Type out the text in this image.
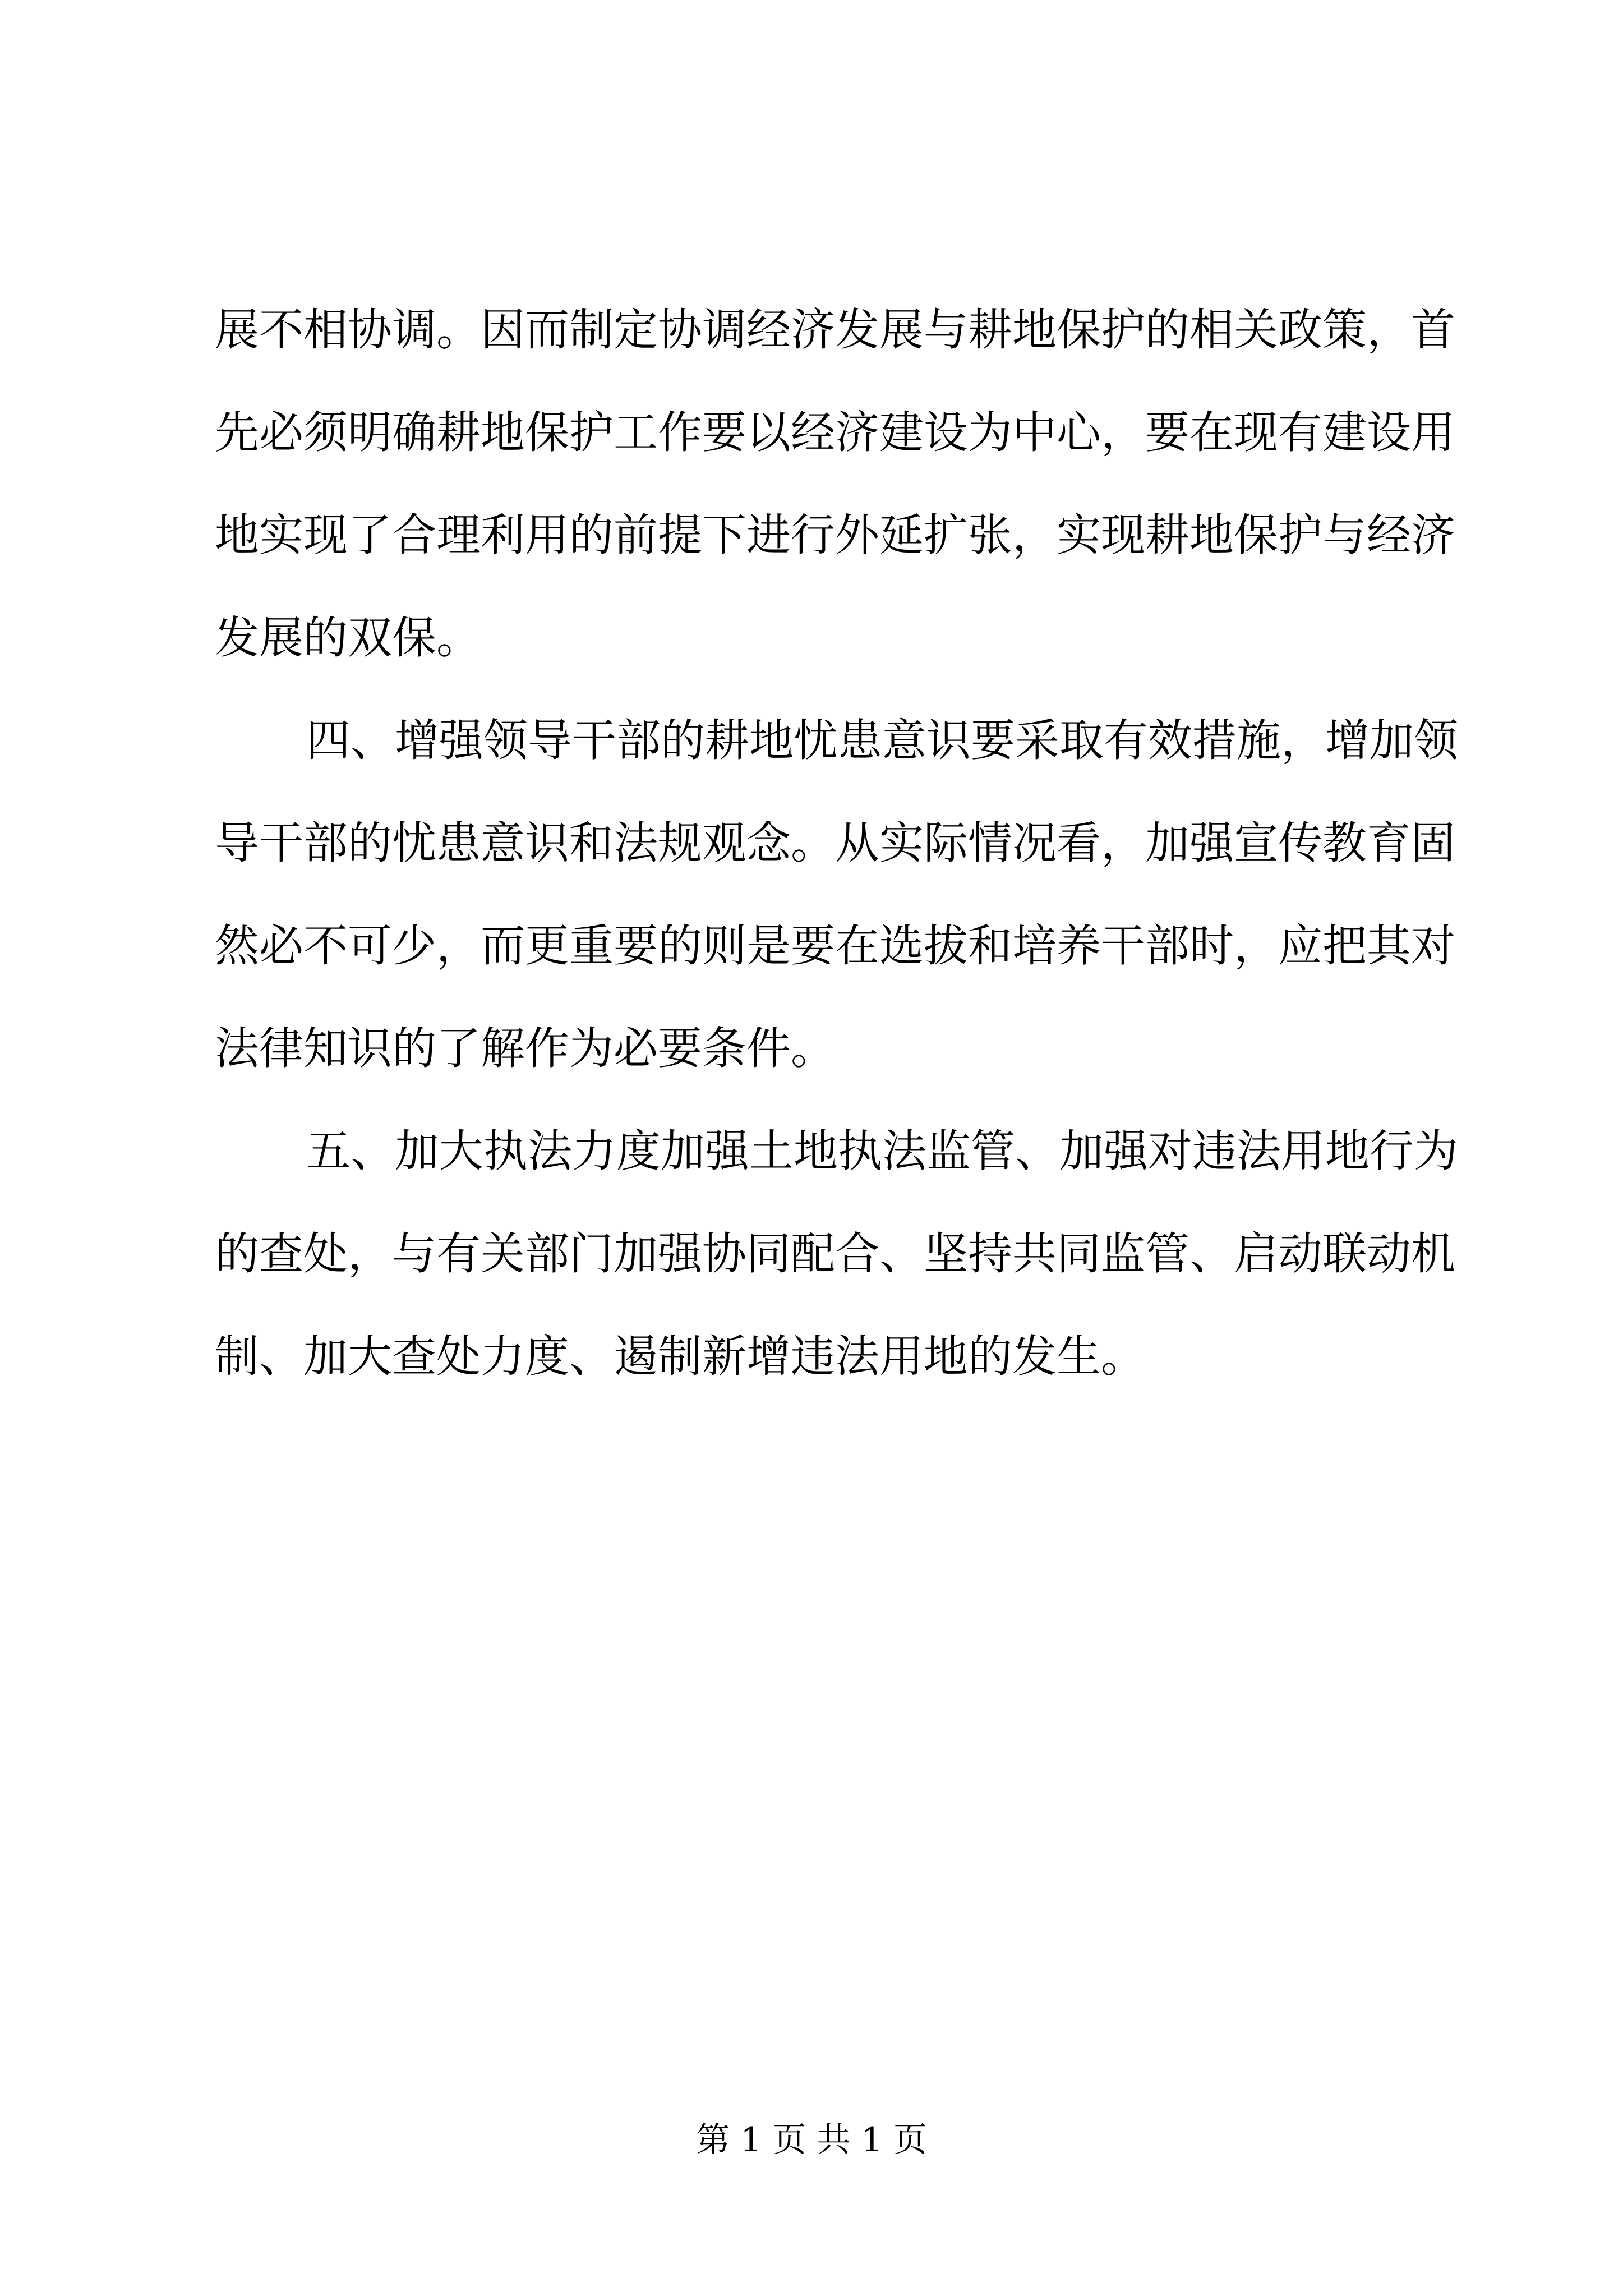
展不相协调。因而制定协调经济发展与耕地保护的相关政策，首
先必须明确耕地保护工作要以经济建设为中心，要在现有建设用
地实现了合理利用的前提下进行外延扩张，实现耕地保护与经济
发展的双保。
四、增强领导干部的耕地忧患意识要采取有效措施，增加领
导干部的忧患意识和法规观念。从实际情况看，加强宣传教育固
然必不可少，而更重要的则是要在选拔和培养干部时，应把其对
法律知识的了解作为必要条件。
五、加大执法力度加强土地执法监管、加强对违法用地行为
的查处，与有关部门加强协同配合、坚持共同监管、启动联动机
制、加大查处力度、遏制新增违法用地的发生。
第 1 页 共 1 页
